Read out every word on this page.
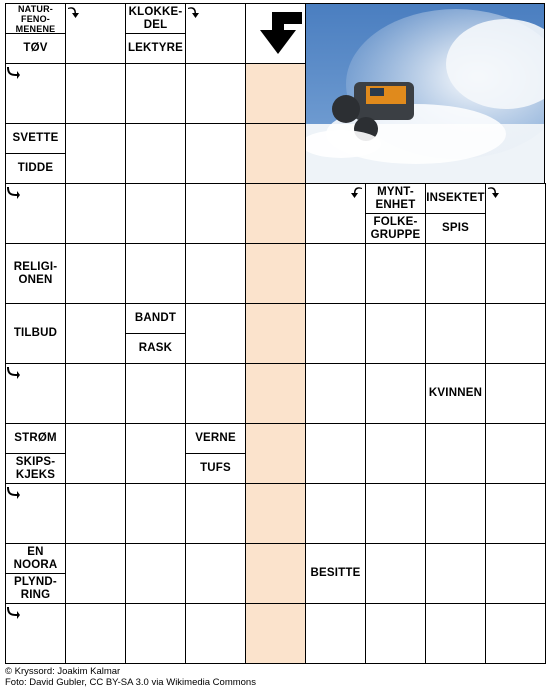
NATUR-
FENO-
MENENE
TØV
KLOKKE-
DEL
LEKTYRE
SVETTE
TIDDE
MYNT-
ENHET
FOLKE-
GRUPPE
INSEKTET
SPIS
RELIGI-
ONEN
TILBUD
BANDT
RASK
KVINNEN
STRØM
SKIPS-
KJEKS
VERNE
TUFS
EN
NOORA
PLYND-
RING
BESITTE
© Kryssord: Joakim Kalmar
Foto: David Gubler, CC BY-SA 3.0 via Wikimedia Commons
